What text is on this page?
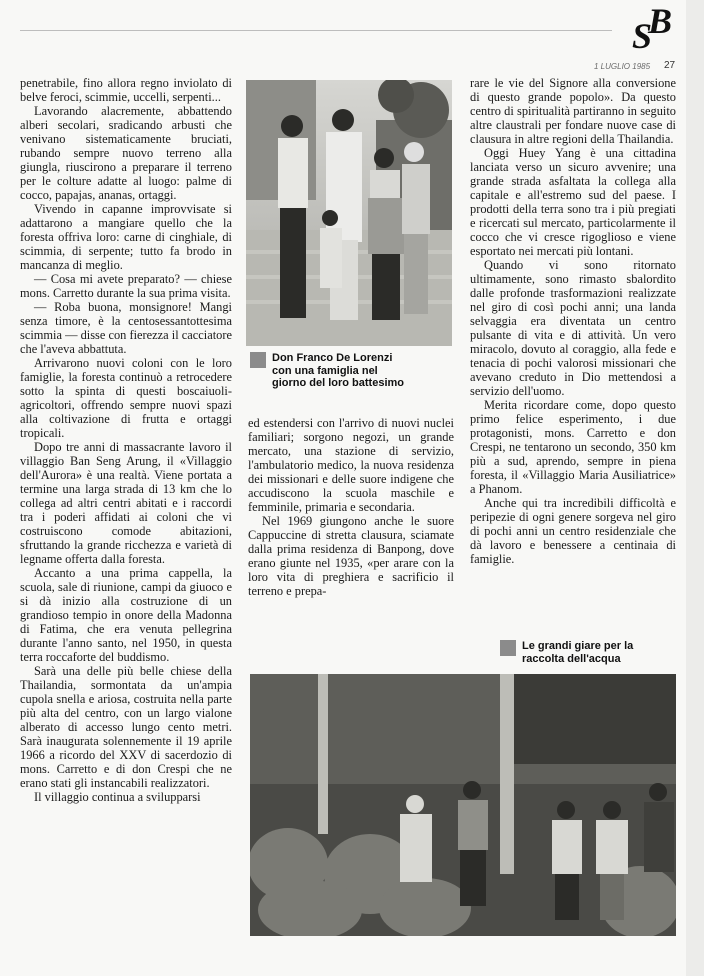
S B
1 LUGLIO 1985 27

penetrabile, fino allora regno inviolato di belve feroci, scimmie, uccelli, serpenti...

Lavorando alacremente, abbattendo alberi secolari, sradicando arbusti che venivano sistematicamente bruciati, rubando sempre nuovo terreno alla giungla, riuscirono a preparare il terreno per le colture adatte al luogo: palme di cocco, papajas, ananas, ortaggi.

Vivendo in capanne improvvisate si adattarono a mangiare quello che la foresta offriva loro: carne di cinghiale, di scimmia, di serpente; tutto fa brodo in mancanza di meglio.

— Cosa mi avete preparato? — chiese mons. Carretto durante la sua prima visita.

— Roba buona, monsignore! Mangi senza timore, è la centosessantottesima scimmia — disse con fierezza il cacciatore che l'aveva abbattuta.

Arrivarono nuovi coloni con le loro famiglie, la foresta continuò a retrocedere sotto la spinta di questi boscaiuoli-agricoltori, offrendo sempre nuovi spazi alla coltivazione di frutta e ortaggi tropicali.

Dopo tre anni di massacrante lavoro il villaggio Ban Seng Arung, il «Villaggio dell'Aurora» è una realtà. Viene portata a termine una larga strada di 13 km che lo collega ad altri centri abitati e i raccordi tra i poderi affidati ai coloni che vi costruiscono comode abitazioni, sfruttando la grande ricchezza e varietà di legname offerta dalla foresta.

Accanto a una prima cappella, la scuola, sale di riunione, campi da giuoco e si dà inizio alla costruzione di un grandioso tempio in onore della Madonna di Fatima, che era venuta pellegrina durante l'anno santo, nel 1950, in questa terra roccaforte del buddismo.

Sarà una delle più belle chiese della Thailandia, sormontata da un'ampia cupola snella e ariosa, costruita nella parte più alta del centro, con un largo vialone alberato di accesso lungo cento metri. Sarà inaugurata solennemente il 19 aprile 1966 a ricordo del XXV di sacerdozio di mons. Carretto e di don Crespi che ne erano stati gli instancabili realizzatori.

Il villaggio continua a svilupparsi

Don Franco De Lorenzi con una famiglia nel giorno del loro battesimo

ed estendersi con l'arrivo di nuovi nuclei familiari; sorgono negozi, un grande mercato, una stazione di servizio, l'ambulatorio medico, la nuova residenza dei missionari e delle suore indigene che accudiscono la scuola maschile e femminile, primaria e secondaria.

Nel 1969 giungono anche le suore Cappuccine di stretta clausura, sciamate dalla prima residenza di Banpong, dove erano giunte nel 1935, «per arare con la loro vita di preghiera e sacrificio il terreno e prepa-

rare le vie del Signore alla conversione di questo grande popolo». Da questo centro di spiritualità partiranno in seguito altre claustrali per fondare nuove case di clausura in altre regioni della Thailandia.

Oggi Huey Yang è una cittadina lanciata verso un sicuro avvenire; una grande strada asfaltata la collega alla capitale e all'estremo sud del paese. I prodotti della terra sono tra i più pregiati e ricercati sul mercato, particolarmente il cocco che vi cresce rigoglioso e viene esportato nei mercati più lontani.

Quando vi sono ritornato ultimamente, sono rimasto sbalordito dalle profonde trasformazioni realizzate nel giro di così pochi anni; una landa selvaggia era diventata un centro pulsante di vita e di attività. Un vero miracolo, dovuto al coraggio, alla fede e tenacia di pochi valorosi missionari che avevano creduto in Dio mettendosi a servizio dell'uomo.

Merita ricordare come, dopo questo primo felice esperimento, i due protagonisti, mons. Carretto e don Crespi, ne tentarono un secondo, 350 km più a sud, aprendo, sempre in piena foresta, il «Villaggio Maria Ausiliatrice» a Phanom.

Anche qui tra incredibili difficoltà e peripezie di ogni genere sorgeva nel giro di pochi anni un centro residenziale che dà lavoro e benessere a centinaia di famiglie.

Le grandi giare per la raccolta dell'acqua
